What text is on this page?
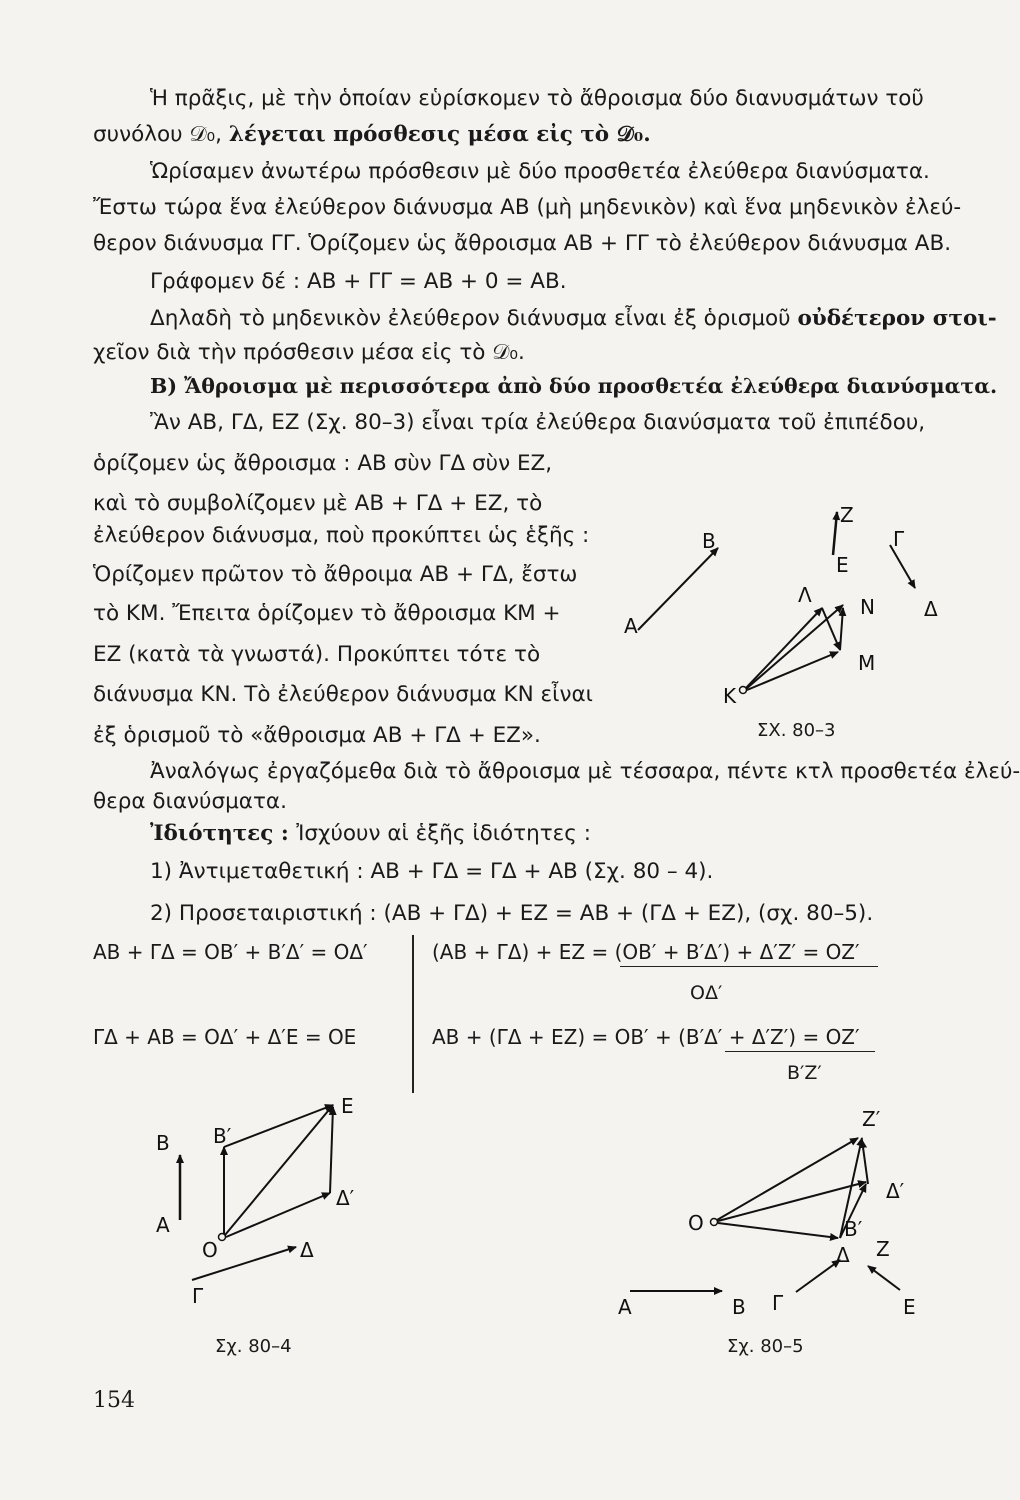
Ἡ πρᾶξις, μὲ τὴν ὁποίαν εὑρίσκομεν τὸ ἄθροισμα δύο διανυσμάτων τοῦ
συνόλου 𝒟₀, λέγεται πρόσθεσις μέσα εἰς τὸ 𝒟₀.
Ὡρίσαμεν ἀνωτέρω πρόσθεσιν μὲ δύο προσθετέα ἐλεύθερα διανύσματα.
Ἔστω τώρα ἕνα ἐλεύθερον διάνυσμα AB (μὴ μηδενικὸν) καὶ ἕνα μηδενικὸν ἐλεύ-
θερον διάνυσμα ΓΓ. Ὁρίζομεν ὡς ἄθροισμα AB + ΓΓ τὸ ἐλεύθερον διάνυσμα AB.
Γράφομεν δέ : AB + ΓΓ = AB + 0 = AB.
Δηλαδὴ τὸ μηδενικὸν ἐλεύθερον διάνυσμα εἶναι ἐξ ὁρισμοῦ οὐδέτερον στοι-
χεῖον διὰ τὴν πρόσθεσιν μέσα εἰς τὸ 𝒟₀.
Β) Ἄθροισμα μὲ περισσότερα ἀπὸ δύο προσθετέα ἐλεύθερα διανύσματα.
Ἂν AB, ΓΔ, EZ (Σχ. 80–3) εἶναι τρία ἐλεύθερα διανύσματα τοῦ ἐπιπέδου,
ὁρίζομεν ὡς ἄθροισμα : AB σὺν ΓΔ σὺν EZ,
καὶ τὸ συμβολίζομεν μὲ AB + ΓΔ + EZ, τὸ
ἐλεύθερον διάνυσμα, ποὺ προκύπτει ὡς ἑξῆς :
Ὁρίζομεν πρῶτον τὸ ἄθροιμα AB + ΓΔ, ἔστω
τὸ KM. Ἔπειτα ὁρίζομεν τὸ ἄθροισμα KM +
EZ (κατὰ τὰ γνωστά). Προκύπτει τότε τὸ
διάνυσμα KN. Τὸ ἐλεύθερον διάνυσμα KN εἶναι
ἐξ ὁρισμοῦ τὸ «ἄθροισμα AB + ΓΔ + EZ».
Ἀναλόγως ἐργαζόμεθα διὰ τὸ ἄθροισμα μὲ τέσσαρα, πέντε κτλ προσθετέα ἐλεύ-
θερα διανύσματα.
Ἰδιότητες : Ἰσχύουν αἱ ἑξῆς ἰδιότητες :
1) Ἀντιμεταθετική : AB + ΓΔ = ΓΔ + AB (Σχ. 80 – 4).
2) Προσεταιριστική : (AB + ΓΔ) + EZ = AB + (ΓΔ + EZ), (σχ. 80–5).
AB + ΓΔ = OB′ + B′Δ′ = OΔ′
ΓΔ + AB = OΔ′ + Δ′E = OE
(AB + ΓΔ) + EZ = (OB′ + B′Δ′) + Δ′Z′ = OZ′
OΔ′
AB + (ΓΔ + EZ) = OB′ + (B′Δ′ + Δ′Z′) = OZ′
B′Z′
A
B
Z
E
Γ
Δ
Λ N
M
K
ΣΧ. 80–3
B
A
B′
E
Δ′
O	Δ
Γ
Σχ. 80–4
Z′
Δ′
O	B′
Δ Z
A	B Γ	E
Σχ. 80–5
154
